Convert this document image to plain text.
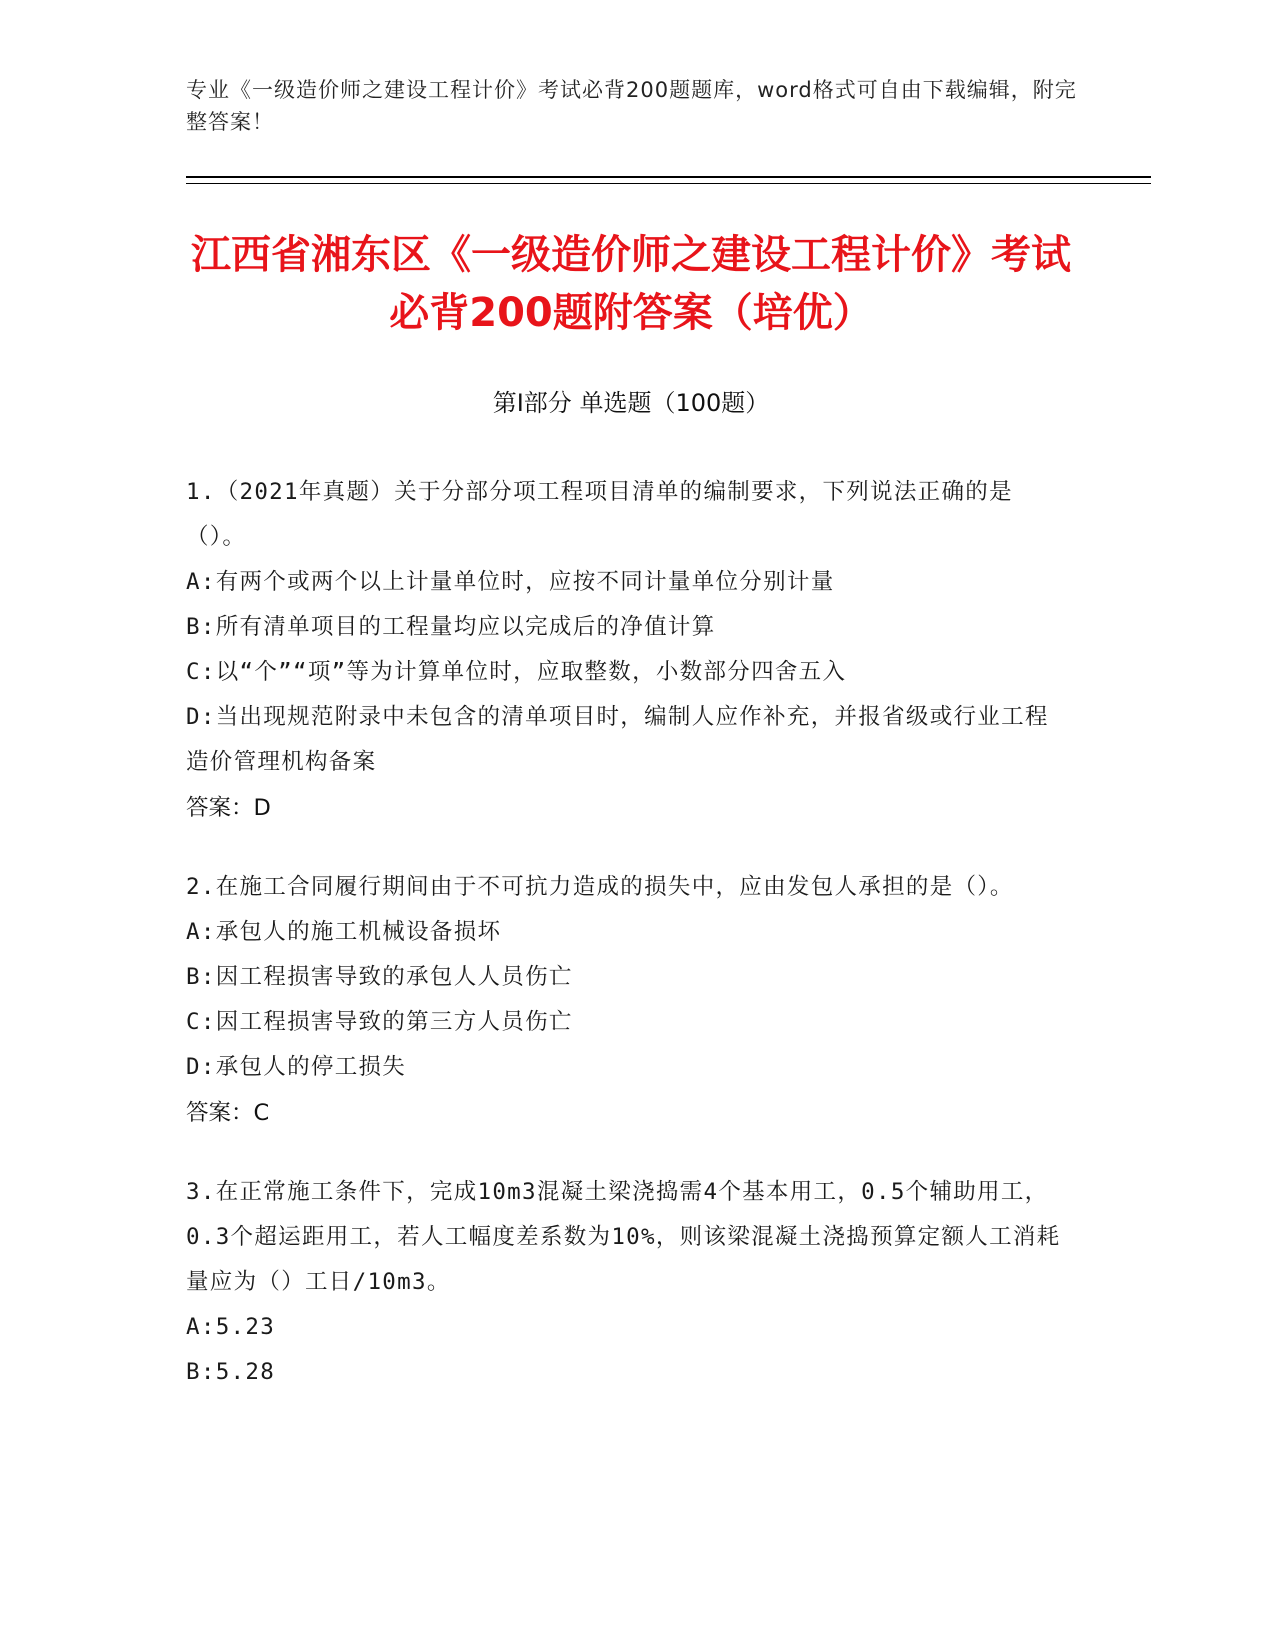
专业《一级造价师之建设工程计价》考试必背200题题库，word格式可自由下载编辑，附完整答案！
江西省湘东区《一级造价师之建设工程计价》考试必背200题附答案（培优）
第Ⅰ部分 单选题（100题）
1.（2021年真题）关于分部分项工程项目清单的编制要求，下列说法正确的是（）。
A:有两个或两个以上计量单位时，应按不同计量单位分别计量
B:所有清单项目的工程量均应以完成后的净值计算
C:以“个”“项”等为计算单位时，应取整数，小数部分四舍五入
D:当出现规范附录中未包含的清单项目时，编制人应作补充，并报省级或行业工程造价管理机构备案
答案：D
2.在施工合同履行期间由于不可抗力造成的损失中，应由发包人承担的是（）。
A:承包人的施工机械设备损坏
B:因工程损害导致的承包人人员伤亡
C:因工程损害导致的第三方人员伤亡
D:承包人的停工损失
答案：C
3.在正常施工条件下，完成10m3混凝土梁浇捣需4个基本用工，0.5个辅助用工，0.3个超运距用工，若人工幅度差系数为10%，则该梁混凝土浇捣预算定额人工消耗量应为（）工日/10m3。
A:5.23
B:5.28
